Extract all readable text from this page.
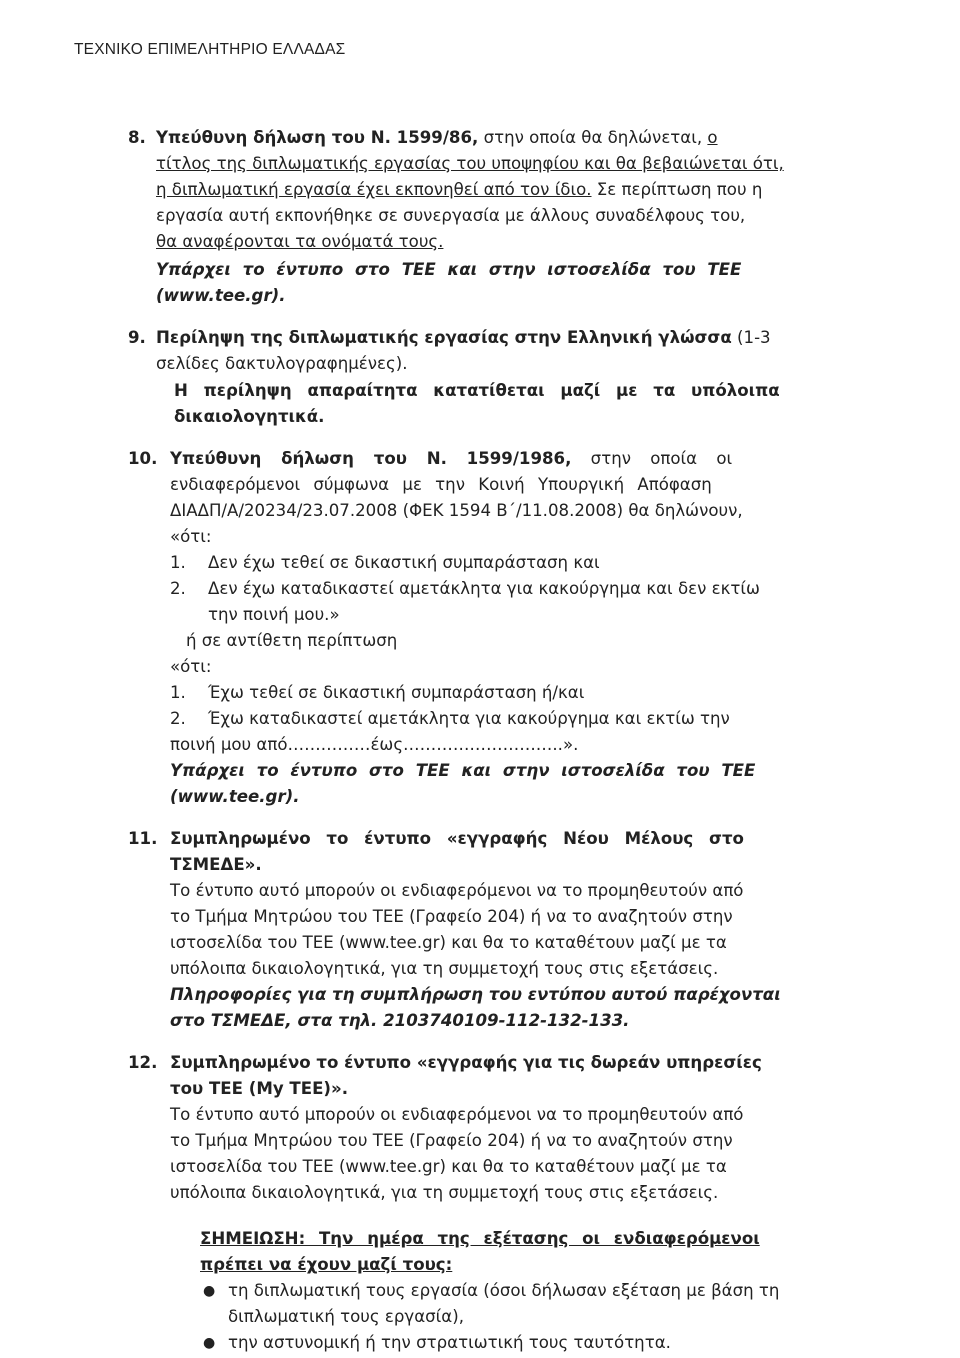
ΤΕΧΝΙΚΟ ΕΠΙΜΕΛΗΤΗΡΙΟ ΕΛΛΑΔΑΣ
8. Υπεύθυνη δήλωση του Ν. 1599/86, στην οποία θα δηλώνεται, ο
τίτλος της διπλωματικής εργασίας του υποψηφίου και θα βεβαιώνεται ότι,
η διπλωματική εργασία έχει εκπονηθεί από τον ίδιο. Σε περίπτωση που η
εργασία αυτή εκπονήθηκε σε συνεργασία με άλλους συναδέλφους του,
θα αναφέρονται τα ονόματά τους.
Υπάρχει το έντυπο στο ΤΕΕ και στην ιστοσελίδα του ΤΕΕ
(www.tee.gr).
9. Περίληψη της διπλωματικής εργασίας στην Ελληνική γλώσσα (1-3
σελίδες δακτυλογραφημένες).
Η περίληψη απαραίτητα κατατίθεται μαζί με τα υπόλοιπα
δικαιολογητικά.
10. Υπεύθυνη δήλωση του Ν. 1599/1986, στην οποία οι
ενδιαφερόμενοι σύμφωνα με την Κοινή Υπουργική Απόφαση
ΔΙΑΔΠ/Α/20234/23.07.2008 (ΦΕΚ 1594 Β΄/11.08.2008) θα δηλώνουν,
«ότι:
1. Δεν έχω τεθεί σε δικαστική συμπαράσταση και
2. Δεν έχω καταδικαστεί αμετάκλητα για κακούργημα και δεν εκτίω
την ποινή μου.»
ή σε αντίθετη περίπτωση
«ότι:
1. Έχω τεθεί σε δικαστική συμπαράσταση ή/και
2. Έχω καταδικαστεί αμετάκλητα για κακούργημα και εκτίω την
ποινή μου από……………έως………………………..».
Υπάρχει το έντυπο στο ΤΕΕ και στην ιστοσελίδα του ΤΕΕ
(www.tee.gr).
11. Συμπληρωμένο το έντυπο «εγγραφής Νέου Μέλους στο
ΤΣΜΕΔΕ».
Το έντυπο αυτό μπορούν οι ενδιαφερόμενοι να το προμηθευτούν από
το Τμήμα Μητρώου του ΤΕΕ (Γραφείο 204) ή να το αναζητούν στην
ιστοσελίδα του ΤΕΕ (www.tee.gr) και θα το καταθέτουν μαζί με τα
υπόλοιπα δικαιολογητικά, για τη συμμετοχή τους στις εξετάσεις.
Πληροφορίες για τη συμπλήρωση του εντύπου αυτού παρέχονται
στο ΤΣΜΕΔΕ, στα τηλ. 2103740109-112-132-133.
12. Συμπληρωμένο το έντυπο «εγγραφής για τις δωρεάν υπηρεσίες
του ΤΕΕ (My TEE)».
Το έντυπο αυτό μπορούν οι ενδιαφερόμενοι να το προμηθευτούν από
το Τμήμα Μητρώου του ΤΕΕ (Γραφείο 204) ή να το αναζητούν στην
ιστοσελίδα του ΤΕΕ (www.tee.gr) και θα το καταθέτουν μαζί με τα
υπόλοιπα δικαιολογητικά, για τη συμμετοχή τους στις εξετάσεις.
ΣΗΜΕΙΩΣΗ: Την ημέρα της εξέτασης οι ενδιαφερόμενοι
πρέπει να έχουν μαζί τους:
● τη διπλωματική τους εργασία (όσοι δήλωσαν εξέταση με βάση τη
διπλωματική τους εργασία),
● την αστυνομική ή την στρατιωτική τους ταυτότητα.
